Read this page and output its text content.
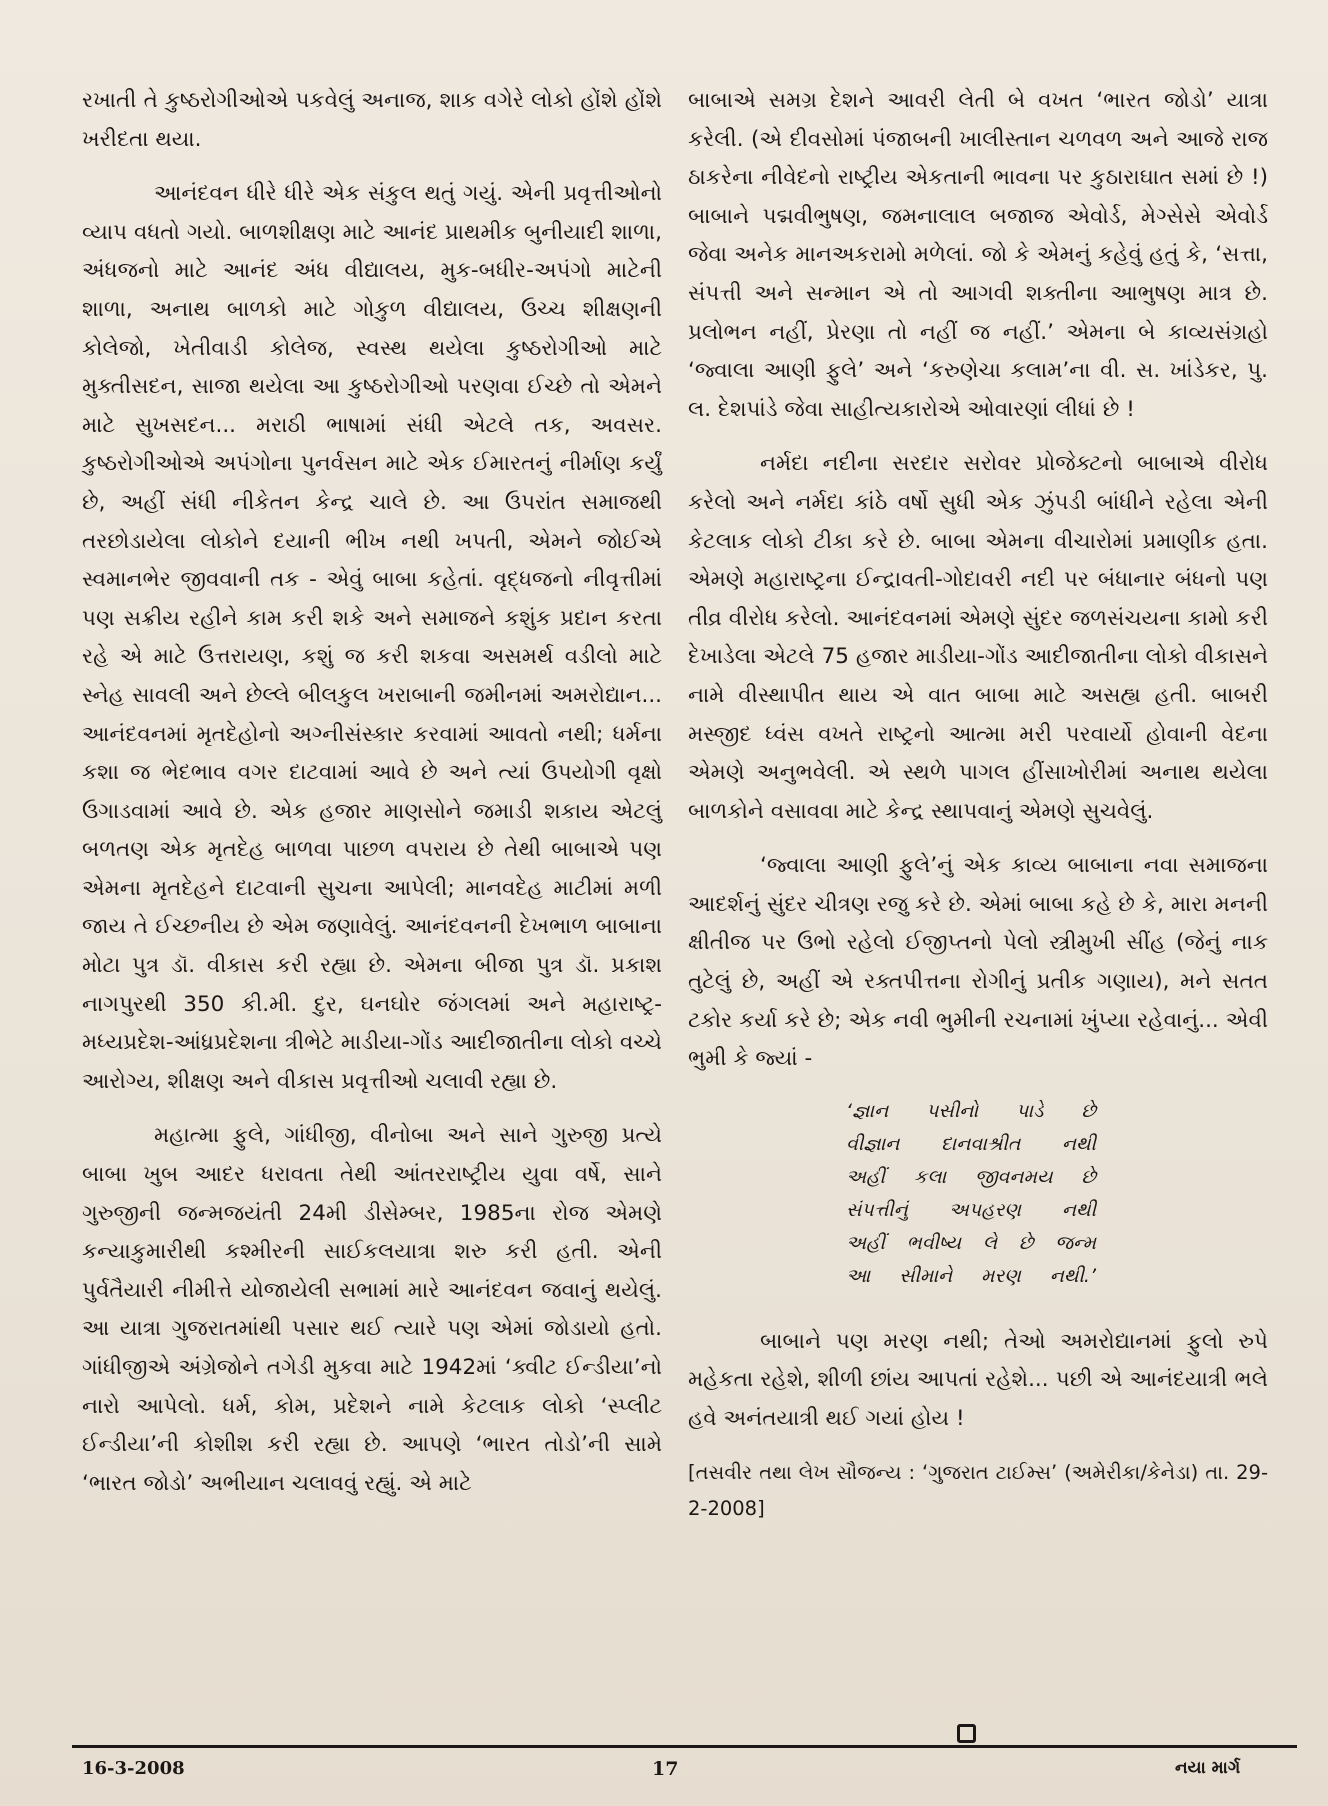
રખાતી તે કુષ્ઠરોગીઓએ પકવેલું અનાજ, શાક વગેરે લોકો હોંશે હોંશે ખરીદતા થયા.

આનંદવન ધીરે ધીરે એક સંકુલ થતું ગયું. એની પ્રવૃત્તીઓનો વ્યાપ વધતો ગયો. બાળશીક્ષણ માટે આનંદ પ્રાથમીક બુનીયાદી શાળા, અંધજનો માટે આનંદ અંધ વીદ્યાલય, મુક-બધીર-અપંગો માટેની શાળા, અનાથ બાળકો માટે ગોકુળ વીદ્યાલય, ઉચ્ચ શીક્ષણની કોલેજો, ખેતીવાડી કોલેજ, સ્વસ્થ થયેલા કુષ્ઠરોગીઓ માટે મુક્તીસદન, સાજા થયેલા આ કુષ્ઠરોગીઓ પરણવા ઈચ્છે તો એમને માટે સુખસદન... મરાઠી ભાષામાં સંધી એટલે તક, અવસર. કુષ્ઠરોગીઓએ અપંગોના પુનર્વસન માટે એક ઈમારતનું નીર્માણ કર્યું છે, અહીં સંધી નીકેતન કેન્દ્ર ચાલે છે. આ ઉપરાંત સમાજથી તરછોડાયેલા લોકોને દયાની ભીખ નથી ખપતી, એમને જોઈએ સ્વમાનભેર જીવવાની તક - એવું બાબા કહેતાં. વૃદ્ધજનો નીવૃત્તીમાં પણ સક્રીય રહીને કામ કરી શકે અને સમાજને કશુંક પ્રદાન કરતા રહે એ માટે ઉત્તરાયણ, કશું જ કરી શકવા અસમર્થ વડીલો માટે સ્નેહ સાવલી અને છેલ્લે બીલકુલ ખરાબાની જમીનમાં અમરોદ્યાન... આનંદવનમાં મૃતદેહોનો અગ્નીસંસ્કાર કરવામાં આવતો નથી; ધર્મના કશા જ ભેદભાવ વગર દાટવામાં આવે છે અને ત્યાં ઉપયોગી વૃક્ષો ઉગાડવામાં આવે છે. એક હજાર માણસોને જમાડી શકાય એટલું બળતણ એક મૃતદેહ બાળવા પાછળ વપરાય છે તેથી બાબાએ પણ એમના મૃતદેહને દાટવાની સુચના આપેલી; માનવદેહ માટીમાં મળી જાય તે ઈચ્છનીય છે એમ જણાવેલું. આનંદવનની દેખભાળ બાબાના મોટા પુત્ર ડૉ. વીકાસ કરી રહ્યા છે. એમના બીજા પુત્ર ડૉ. પ્રકાશ નાગપુરથી 350 કી.મી. દુર, ઘનઘોર જંગલમાં અને મહારાષ્ટ્ર-મધ્યપ્રદેશ-આંધ્રપ્રદેશના ત્રીભેટે માડીયા-ગોંડ આદીજાતીના લોકો વચ્ચે આરોગ્ય, શીક્ષણ અને વીકાસ પ્રવૃત્તીઓ ચલાવી રહ્યા છે.

મહાત્મા ફુલે, ગાંધીજી, વીનોબા અને સાને ગુરુજી પ્રત્યે બાબા ખુબ આદર ધરાવતા તેથી આંતરરાષ્ટ્રીય યુવા વર્ષે, સાને ગુરુજીની જન્મજયંતી 24મી ડીસેમ્બર, 1985ના રોજ એમણે કન્યાકુમારીથી કશ્મીરની સાઈકલયાત્રા શરુ કરી હતી. એની પુર્વતૈયારી નીમીત્તે યોજાયેલી સભામાં મારે આનંદવન જવાનું થયેલું. આ યાત્રા ગુજરાતમાંથી પસાર થઈ ત્યારે પણ એમાં જોડાયો હતો. ગાંધીજીએ અંગ્રેજોને તગેડી મુકવા માટે 1942માં ‘ક્વીટ ઈન્ડીયા’નો નારો આપેલો. ધર્મ, કોમ, પ્રદેશને નામે કેટલાક લોકો ‘સ્પ્લીટ ઈન્ડીયા’ની કોશીશ કરી રહ્યા છે. આપણે ‘ભારત તોડો’ની સામે ‘ભારત જોડો’ અભીયાન ચલાવવું રહ્યું. એ માટે

બાબાએ સમગ્ર દેશને આવરી લેતી બે વખત ‘ભારત જોડો’ યાત્રા કરેલી. (એ દીવસોમાં પંજાબની ખાલીસ્તાન ચળવળ અને આજે રાજ ઠાકરેના નીવેદનો રાષ્ટ્રીય એકતાની ભાવના પર કુઠારાઘાત સમાં છે !) બાબાને પદ્મવીભુષણ, જમનાલાલ બજાજ એવોર્ડ, મેગ્સેસે એવોર્ડ જેવા અનેક માનઅકરામો મળેલાં. જો કે એમનું કહેવું હતું કે, ‘સત્તા, સંપત્તી અને સન્માન એ તો આગવી શક્તીના આભુષણ માત્ર છે. પ્રલોભન નહીં, પ્રેરણા તો નહીં જ નહીં.’ એમના બે કાવ્યસંગ્રહો ‘જ્વાલા આણી ફુલે’ અને ‘કરુણેચા કલામ’ના વી. સ. ખાંડેકર, પુ. લ. દેશપાંડે જેવા સાહીત્યકારોએ ઓવારણાં લીધાં છે !

નર્મદા નદીના સરદાર સરોવર પ્રોજેક્ટનો બાબાએ વીરોધ કરેલો અને નર્મદા કાંઠે વર્ષો સુધી એક ઝુંપડી બાંધીને રહેલા એની કેટલાક લોકો ટીકા કરે છે. બાબા એમના વીચારોમાં પ્રમાણીક હતા. એમણે મહારાષ્ટ્રના ઈન્દ્રાવતી-ગોદાવરી નદી પર બંધાનાર બંધનો પણ તીવ્ર વીરોધ કરેલો. આનંદવનમાં એમણે સુંદર જળસંચયના કામો કરી દેખાડેલા એટલે 75 હજાર માડીયા-ગોંડ આદીજાતીના લોકો વીકાસને નામે વીસ્થાપીત થાય એ વાત બાબા માટે અસહ્ય હતી. બાબરી મસ્જીદ ધ્વંસ વખતે રાષ્ટ્રનો આત્મા મરી પરવાર્યો હોવાની વેદના એમણે અનુભવેલી. એ સ્થળે પાગલ હીંસાખોરીમાં અનાથ થયેલા બાળકોને વસાવવા માટે કેન્દ્ર સ્થાપવાનું એમણે સુચવેલું.

‘જ્વાલા આણી ફુલે’નું એક કાવ્ય બાબાના નવા સમાજના આદર્શનું સુંદર ચીત્રણ રજુ કરે છે. એમાં બાબા કહે છે કે, મારા મનની ક્ષીતીજ પર ઉભો રહેલો ઈજીપ્તનો પેલો સ્ત્રીમુખી સીંહ (જેનું નાક તુટેલું છે, અહીં એ રક્તપીત્તના રોગીનું પ્રતીક ગણાય), મને સતત ટકોર કર્યા કરે છે; એક નવી ભુમીની રચનામાં ખુંપ્યા રહેવાનું... એવી ભુમી કે જ્યાં -

‘જ્ઞાન પસીનો પાડે છે
વીજ્ઞાન દાનવાશ્રીત નથી
અહીં કલા જીવનમય છે
સંપત્તીનું અપહરણ નથી
અહીં ભવીષ્ય લે છે જન્મ
આ સીમાને મરણ નથી.’

બાબાને પણ મરણ નથી; તેઓ અમરોદ્યાનમાં ફુલો રુપે મહેકતા રહેશે, શીળી છાંય આપતાં રહેશે... પછી એ આનંદયાત્રી ભલે હવે અનંતયાત્રી થઈ ગયાં હોય !

[તસવીર તથા લેખ સૌજન્ય : ‘ગુજરાત ટાઈમ્સ’ (અમેરીકા/કેનેડા) તા. 29-2-2008]

16-3-2008	17	નયા માર્ગ
